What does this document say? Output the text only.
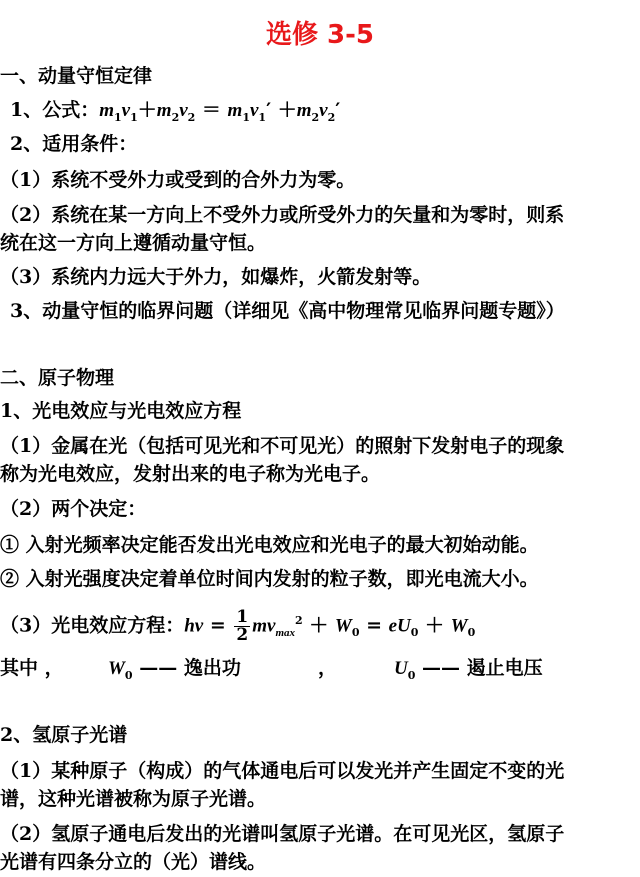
选修 3-5
一、动量守恒定律
1、公式：$m_1v_1+m_2v_2 = m_1v_1' +m_2v_2'$
2、适用条件：
（1）系统不受外力或受到的合外力为零。
（2）系统在某一方向上不受外力或所受外力的矢量和为零时，则系
统在这一方向上遵循动量守恒。
（3）系统内力远大于外力，如爆炸，火箭发射等。
3、动量守恒的临界问题（详细见《高中物理常见临界问题专题》）
二、原子物理
1、光电效应与光电效应方程
（1）金属在光（包括可见光和不可见光）的照射下发射电子的现象
称为光电效应，发射出来的电子称为光电子。
（2）两个决定：
① 入射光频率决定能否发出光电效应和光电子的最大初始动能。
② 入射光强度决定着单位时间内发射的粒子数，即光电流大小。
（3）光电效应方程：hv = $\frac{1}{2} mv_{max}^2 + W_0 = eU_0 + W_0$
其中 ， $W_0$ —— 逸出功	，	$U_0$ —— 遏止电压
2、氢原子光谱
（1）某种原子（构成）的气体通电后可以发光并产生固定不变的光
谱，这种光谱被称为原子光谱。
（2）氢原子通电后发出的光谱叫氢原子光谱。在可见光区，氢原子
光谱有四条分立的（光）谱线。
